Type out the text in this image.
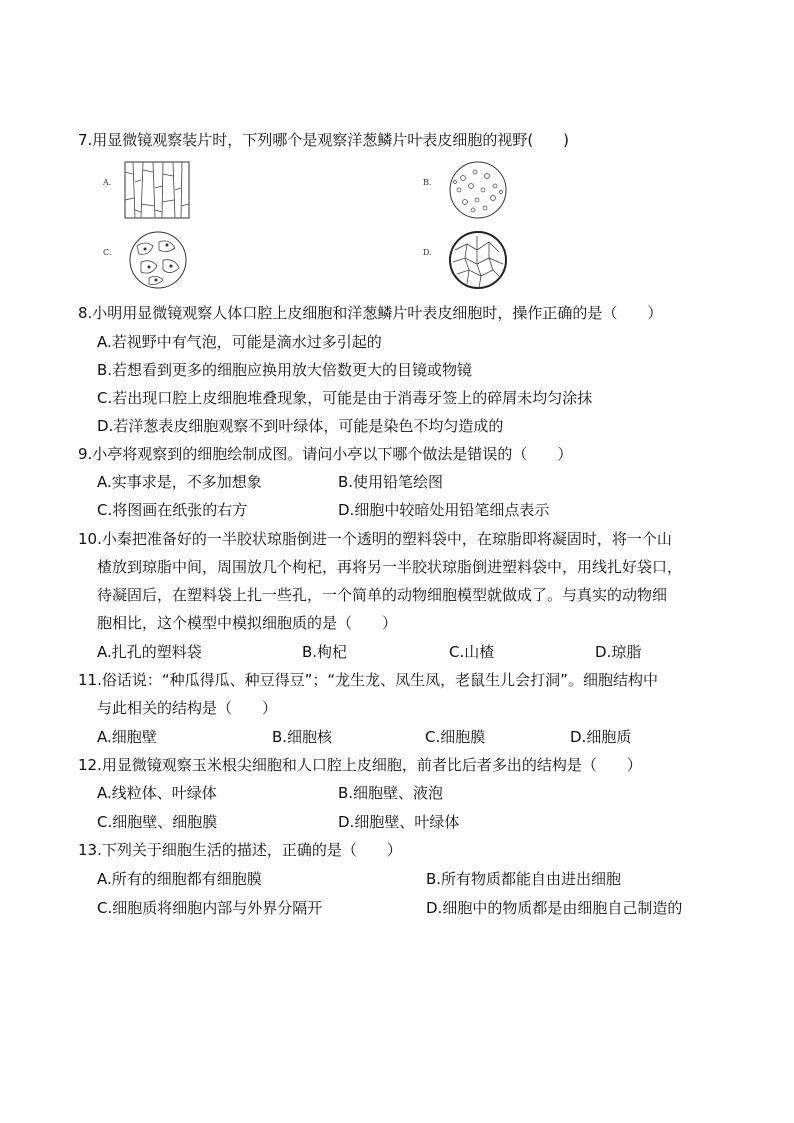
7.用显微镜观察装片时，下列哪个是观察洋葱鳞片叶表皮细胞的视野(　　)
A.	B.
C.	D.
8.小明用显微镜观察人体口腔上皮细胞和洋葱鳞片叶表皮细胞时，操作正确的是（　　）
A.若视野中有气泡，可能是滴水过多引起的
B.若想看到更多的细胞应换用放大倍数更大的目镜或物镜
C.若出现口腔上皮细胞堆叠现象，可能是由于消毒牙签上的碎屑未均匀涂抹
D.若洋葱表皮细胞观察不到叶绿体，可能是染色不均匀造成的
9.小亭将观察到的细胞绘制成图。请问小亭以下哪个做法是错误的（　　）
A.实事求是，不多加想象	B.使用铅笔绘图
C.将图画在纸张的右方	D.细胞中较暗处用铅笔细点表示
10.小秦把准备好的一半胶状琼脂倒进一个透明的塑料袋中，在琼脂即将凝固时，将一个山
楂放到琼脂中间，周围放几个枸杞，再将另一半胶状琼脂倒进塑料袋中，用线扎好袋口，
待凝固后，在塑料袋上扎一些孔，一个简单的动物细胞模型就做成了。与真实的动物细
胞相比，这个模型中模拟细胞质的是（　　）
A.扎孔的塑料袋	B.枸杞	C.山楂	D.琼脂
11.俗话说：“种瓜得瓜、种豆得豆”；“龙生龙、凤生凤，老鼠生儿会打洞”。细胞结构中
与此相关的结构是（　　）
A.细胞壁	B.细胞核	C.细胞膜	D.细胞质
12.用显微镜观察玉米根尖细胞和人口腔上皮细胞，前者比后者多出的结构是（　　）
A.线粒体、叶绿体	B.细胞壁、液泡
C.细胞壁、细胞膜	D.细胞壁、叶绿体
13.下列关于细胞生活的描述，正确的是（　　）
A.所有的细胞都有细胞膜	B.所有物质都能自由进出细胞
C.细胞质将细胞内部与外界分隔开	D.细胞中的物质都是由细胞自己制造的
